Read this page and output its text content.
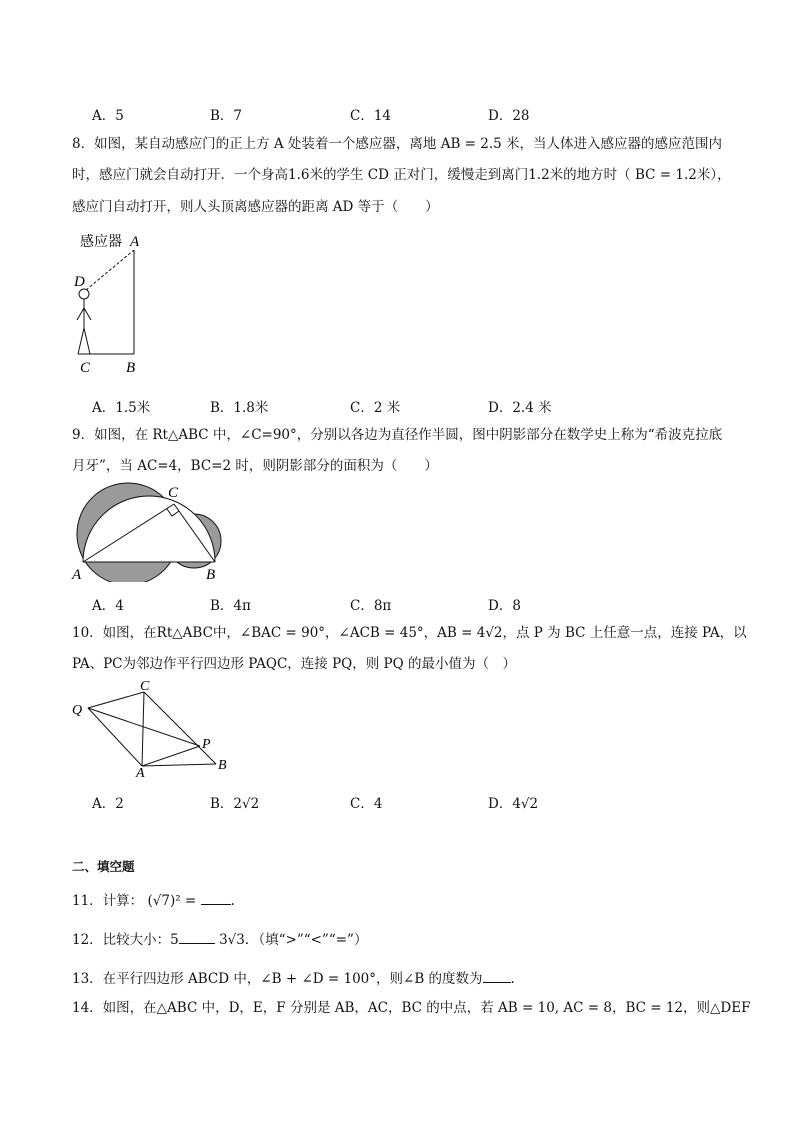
A．5	B．7	C．14	D．28
8．如图，某自动感应门的正上方 A 处装着一个感应器，离地 AB = 2.5 米，当人体进入感应器的感应范围内
时，感应门就会自动打开．一个身高1.6米的学生 CD 正对门，缓慢走到离门1.2米的地方时（ BC = 1.2米），
感应门自动打开，则人头顶离感应器的距离 AD 等于（　　）
感应器 A
D
C B
A．1.5米	B．1.8米	C．2 米	D．2.4 米
9．如图，在 Rt△ABC 中，∠C=90°，分别以各边为直径作半圆，图中阴影部分在数学史上称为“希波克拉底
月牙”，当 AC=4，BC=2 时，则阴影部分的面积为（　　）
C
A	B
A．4	B．4π	C．8π	D．8
10．如图，在Rt△ABC中，∠BAC = 90°，∠ACB = 45°，AB = 4√2，点 P 为 BC 上任意一点，连接 PA，以
PA、PC为邻边作平行四边形 PAQC，连接 PQ，则 PQ 的最小值为（　）
C
Q
P
A
B
A．2	B．2√2	C．4	D．4√2
二、填空题
11．计算： (√7)² =	.
12．比较大小：5	3√3．（填“>”“<”“=”）
13．在平行四边形 ABCD 中，∠B + ∠D = 100°，则∠B 的度数为 .
14．如图，在△ABC 中，D，E，F 分别是 AB，AC，BC 的中点，若 AB = 10, AC = 8，BC = 12，则△DEF
